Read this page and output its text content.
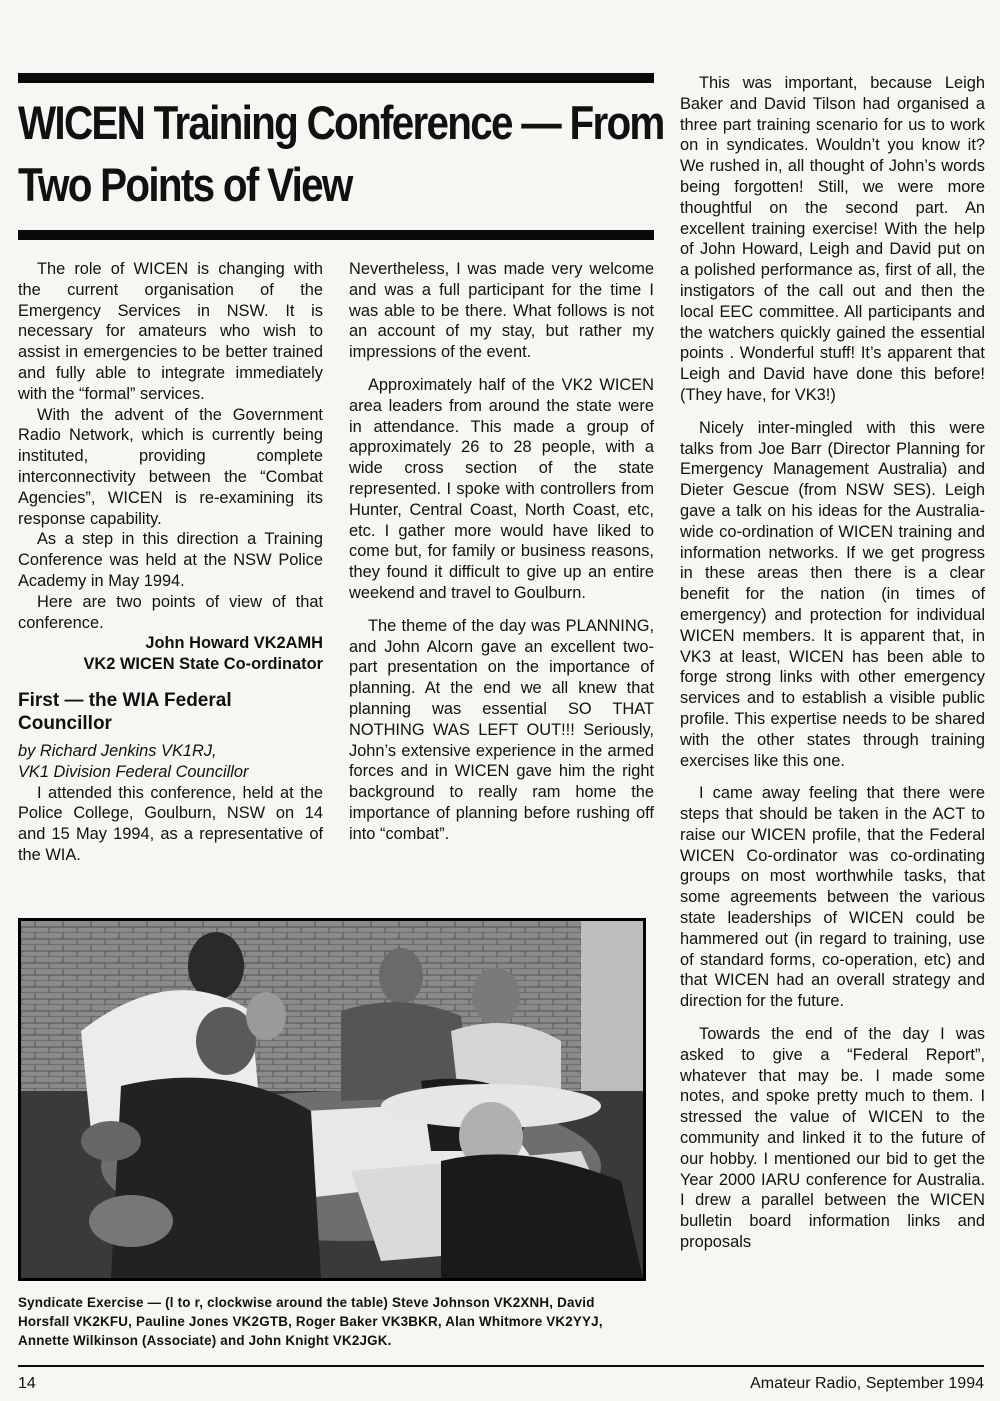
WICEN Training Conference — From
Two Points of View

The role of WICEN is changing with the current organisation of the Emergency Services in NSW. It is necessary for amateurs who wish to assist in emergencies to be better trained and fully able to integrate immediately with the “formal” services.

With the advent of the Government Radio Network, which is currently being instituted, providing complete interconnectivity between the “Combat Agencies”, WICEN is re-examining its response capability.

As a step in this direction a Training Conference was held at the NSW Police Academy in May 1994.

Here are two points of view of that conference.

John Howard VK2AMH

VK2 WICEN State Co-ordinator

First — the WIA Federal Councillor

by Richard Jenkins VK1RJ,

VK1 Division Federal Councillor

I attended this conference, held at the Police College, Goulburn, NSW on 14 and 15 May 1994, as a representative of the WIA.

Nevertheless, I was made very welcome and was a full participant for the time I was able to be there. What follows is not an account of my stay, but rather my impressions of the event.

Approximately half of the VK2 WICEN area leaders from around the state were in attendance. This made a group of approximately 26 to 28 people, with a wide cross section of the state represented. I spoke with controllers from Hunter, Central Coast, North Coast, etc, etc. I gather more would have liked to come but, for family or business reasons, they found it difficult to give up an entire weekend and travel to Goulburn.

The theme of the day was PLANNING, and John Alcorn gave an excellent two-part presentation on the importance of planning. At the end we all knew that planning was essential SO THAT NOTHING WAS LEFT OUT!!! Seriously, John’s extensive experience in the armed forces and in WICEN gave him the right background to really ram home the importance of planning before rushing off into “combat”.

This was important, because Leigh Baker and David Tilson had organised a three part training scenario for us to work on in syndicates. Wouldn’t you know it? We rushed in, all thought of John’s words being forgotten! Still, we were more thoughtful on the second part. An excellent training exercise! With the help of John Howard, Leigh and David put on a polished performance as, first of all, the instigators of the call out and then the local EEC committee. All participants and the watchers quickly gained the essential points . Wonderful stuff! It’s apparent that Leigh and David have done this before! (They have, for VK3!)

Nicely inter-mingled with this were talks from Joe Barr (Director Planning for Emergency Management Australia) and Dieter Gescue (from NSW SES). Leigh gave a talk on his ideas for the Australia-wide co-ordination of WICEN training and information networks. If we get progress in these areas then there is a clear benefit for the nation (in times of emergency) and protection for individual WICEN members. It is apparent that, in VK3 at least, WICEN has been able to forge strong links with other emergency services and to establish a visible public profile. This expertise needs to be shared with the other states through training exercises like this one.

I came away feeling that there were steps that should be taken in the ACT to raise our WICEN profile, that the Federal WICEN Co-ordinator was co-ordinating groups on most worthwhile tasks, that some agreements between the various state leaderships of WICEN could be hammered out (in regard to training, use of standard forms, co-operation, etc) and that WICEN had an overall strategy and direction for the future.

Towards the end of the day I was asked to give a “Federal Report”, whatever that may be. I made some notes, and spoke pretty much to them. I stressed the value of WICEN to the community and linked it to the future of our hobby. I mentioned our bid to get the Year 2000 IARU conference for Australia. I drew a parallel between the WICEN bulletin board information links and proposals

Syndicate Exercise — (l to r, clockwise around the table) Steve Johnson VK2XNH, David Horsfall VK2KFU, Pauline Jones VK2GTB, Roger Baker VK3BKR, Alan Whitmore VK2YYJ, Annette Wilkinson (Associate) and John Knight VK2JGK.
14	Amateur Radio, September 1994
